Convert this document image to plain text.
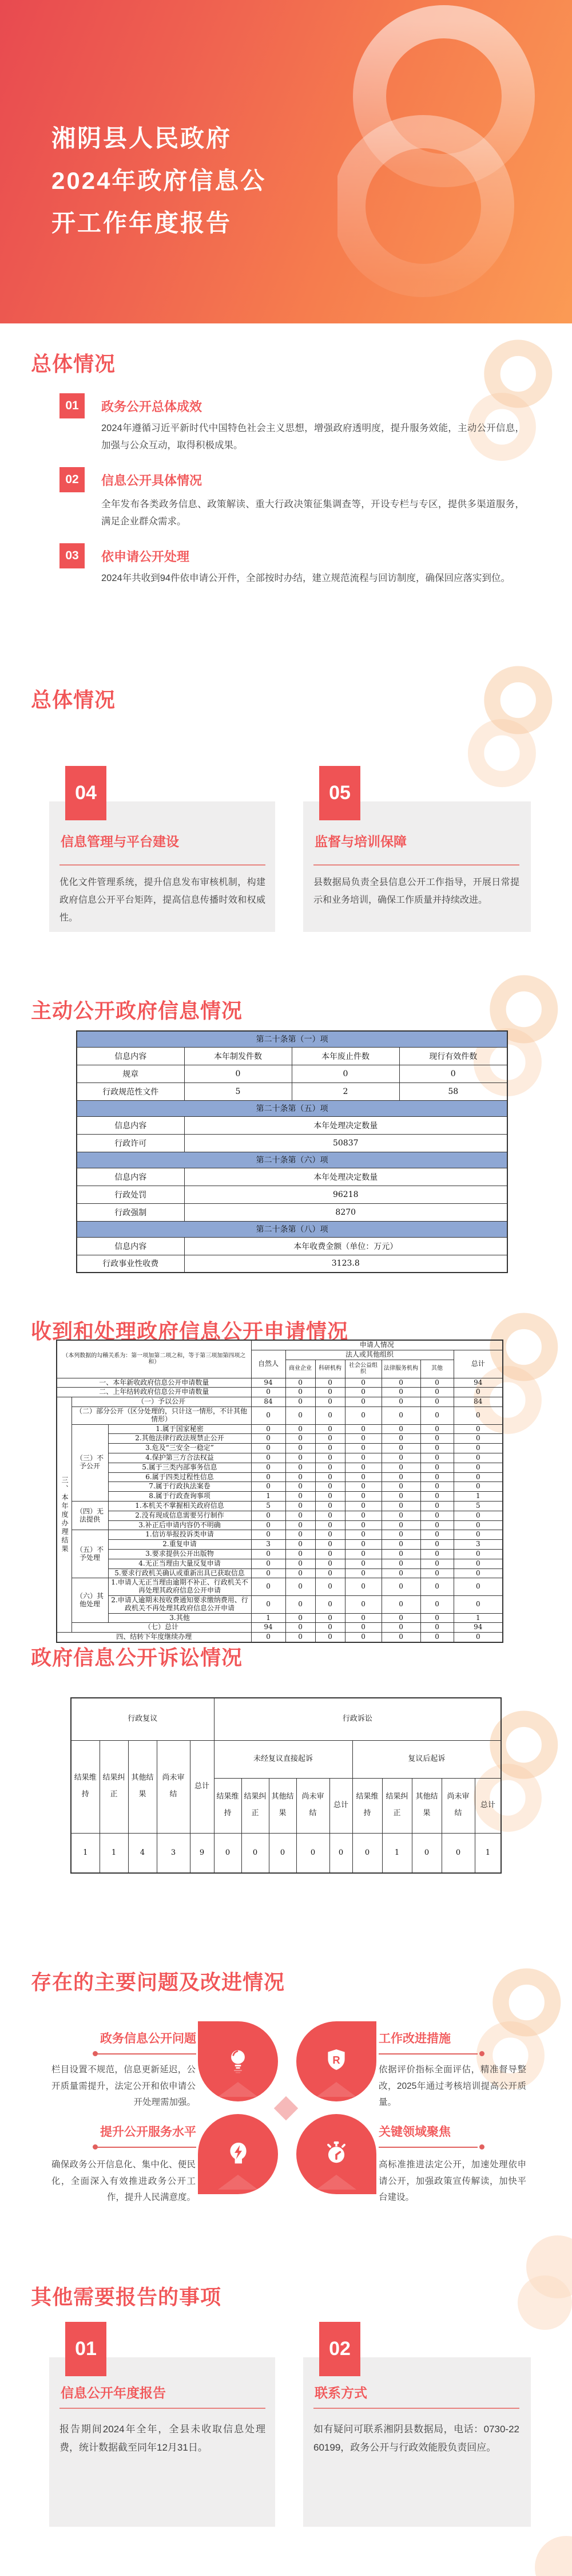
湘阴县人民政府
2024年政府信息公
开工作年度报告
总体情况
01	政务公开总体成效
2024年遵循习近平新时代中国特色社会主义思想，增强政府透明度，提升服务效能，主动公开信息，加强与公众互动，取得积极成果。
02	信息公开具体情况
全年发布各类政务信息、政策解读、重大行政决策征集调查等，开设专栏与专区，提供多渠道服务，满足企业群众需求。
03	依申请公开处理
2024年共收到94件依申请公开件，全部按时办结，建立规范流程与回访制度，确保回应落实到位。
总体情况
04
信息管理与平台建设
优化文件管理系统，提升信息发布审核机制，构建政府信息公开平台矩阵，提高信息传播时效和权威性。
05
监督与培训保障
县数据局负责全县信息公开工作指导，开展日常提示和业务培训，确保工作质量并持续改进。
主动公开政府信息情况
第二十条第（一）项			
信息内容	本年制发件数	本年废止件数	现行有效件数
规章	0	0	0
行政规范性文件	5	2	58
第二十条第（五）项			
信息内容	本年处理决定数量		
行政许可	50837		
第二十条第（六）项			
信息内容	本年处理决定数量		
行政处罚	96218		
行政强制	8270		
第二十条第（八）项			
信息内容	本年收费金额（单位：万元）		
行政事业性收费	3123.8		
收到和处理政府信息公开申请情况
（本列数据的勾稽关系为：第一项加第二项之和，等于第三项加第四项之和）			申请人情况						
			自然人	法人或其他组织					总计
				商业企业	科研机构	社会公益组织	法律服务机构	其他	
一、本年新收政府信息公开申请数量			94	0	0	0	0	0	94
二、上年结转政府信息公开申请数量			0	0	0	0	0	0	0
三、本年度办理结果	（一）予以公开		84	0	0	0	0	0	84
	（二）部分公开（区分处理的，只计这一情形，不计其他情形）		0	0	0	0	0	0	0
	（三）不予公开	1.属于国家秘密	0	0	0	0	0	0	0
		2.其他法律行政法规禁止公开	0	0	0	0	0	0	0
		3.危及“三安全一稳定”	0	0	0	0	0	0	0
		4.保护第三方合法权益	0	0	0	0	0	0	0
		5.属于三类内部事务信息	0	0	0	0	0	0	0
		6.属于四类过程性信息	0	0	0	0	0	0	0
		7.属于行政执法案卷	0	0	0	0	0	0	0
		8.属于行政查询事项	1	0	0	0	0	0	1
	（四）无法提供	1.本机关不掌握相关政府信息	5	0	0	0	0	0	5
		2.没有现成信息需要另行制作	0	0	0	0	0	0	0
		3.补正后申请内容仍不明确	0	0	0	0	0	0	0
	（五）不予处理	1.信访举报投诉类申请	0	0	0	0	0	0	0
		2.重复申请	3	0	0	0	0	0	3
		3.要求提供公开出版物	0	0	0	0	0	0	0
		4.无正当理由大量反复申请	0	0	0	0	0	0	0
		5.要求行政机关确认或重新出具已获取信息	0	0	0	0	0	0	0
	（六）其他处理	1.申请人无正当理由逾期不补正、行政机关不再处理其政府信息公开申请	0	0	0	0	0	0	0
		2.申请人逾期未按收费通知要求缴纳费用、行政机关不再处理其政府信息公开申请	0	0	0	0	0	0	0
		3.其他	1	0	0	0	0	0	1
	（七）总计		94	0	0	0	0	0	94
四、结转下年度继续办理			0	0	0	0	0	0	0
政府信息公开诉讼情况
行政复议					行政诉讼									
结果维持	结果纠正	其他结果	尚未审结	总计	未经复议直接起诉					复议后起诉				
					结果维持	结果纠正	其他结果	尚未审结	总计	结果维持	结果纠正	其他结果	尚未审结	总计
1	1	4	3	9	0	0	0	0	0	0	1	0	0	1
存在的主要问题及改进情况
R
政务信息公开问题
栏目设置不规范，信息更新延迟，公开质量需提升，法定公开和依申请公开处理需加强。
工作改进措施
依据评价指标全面评估，精准督导整改，2025年通过考核培训提高公开质量。
提升公开服务水平
确保政务公开信息化、集中化、便民化，全面深入有效推进政务公开工作，提升人民满意度。
关键领域聚焦
高标准推进法定公开，加速处理依申请公开，加强政策宣传解读，加快平台建设。
其他需要报告的事项
01
信息公开年度报告
报告期间2024年全年，全县未收取信息处理费，统计数据截至同年12月31日。
02
联系方式
如有疑问可联系湘阴县数据局，电话：0730-2260199，政务公开与行政效能股负责回应。
